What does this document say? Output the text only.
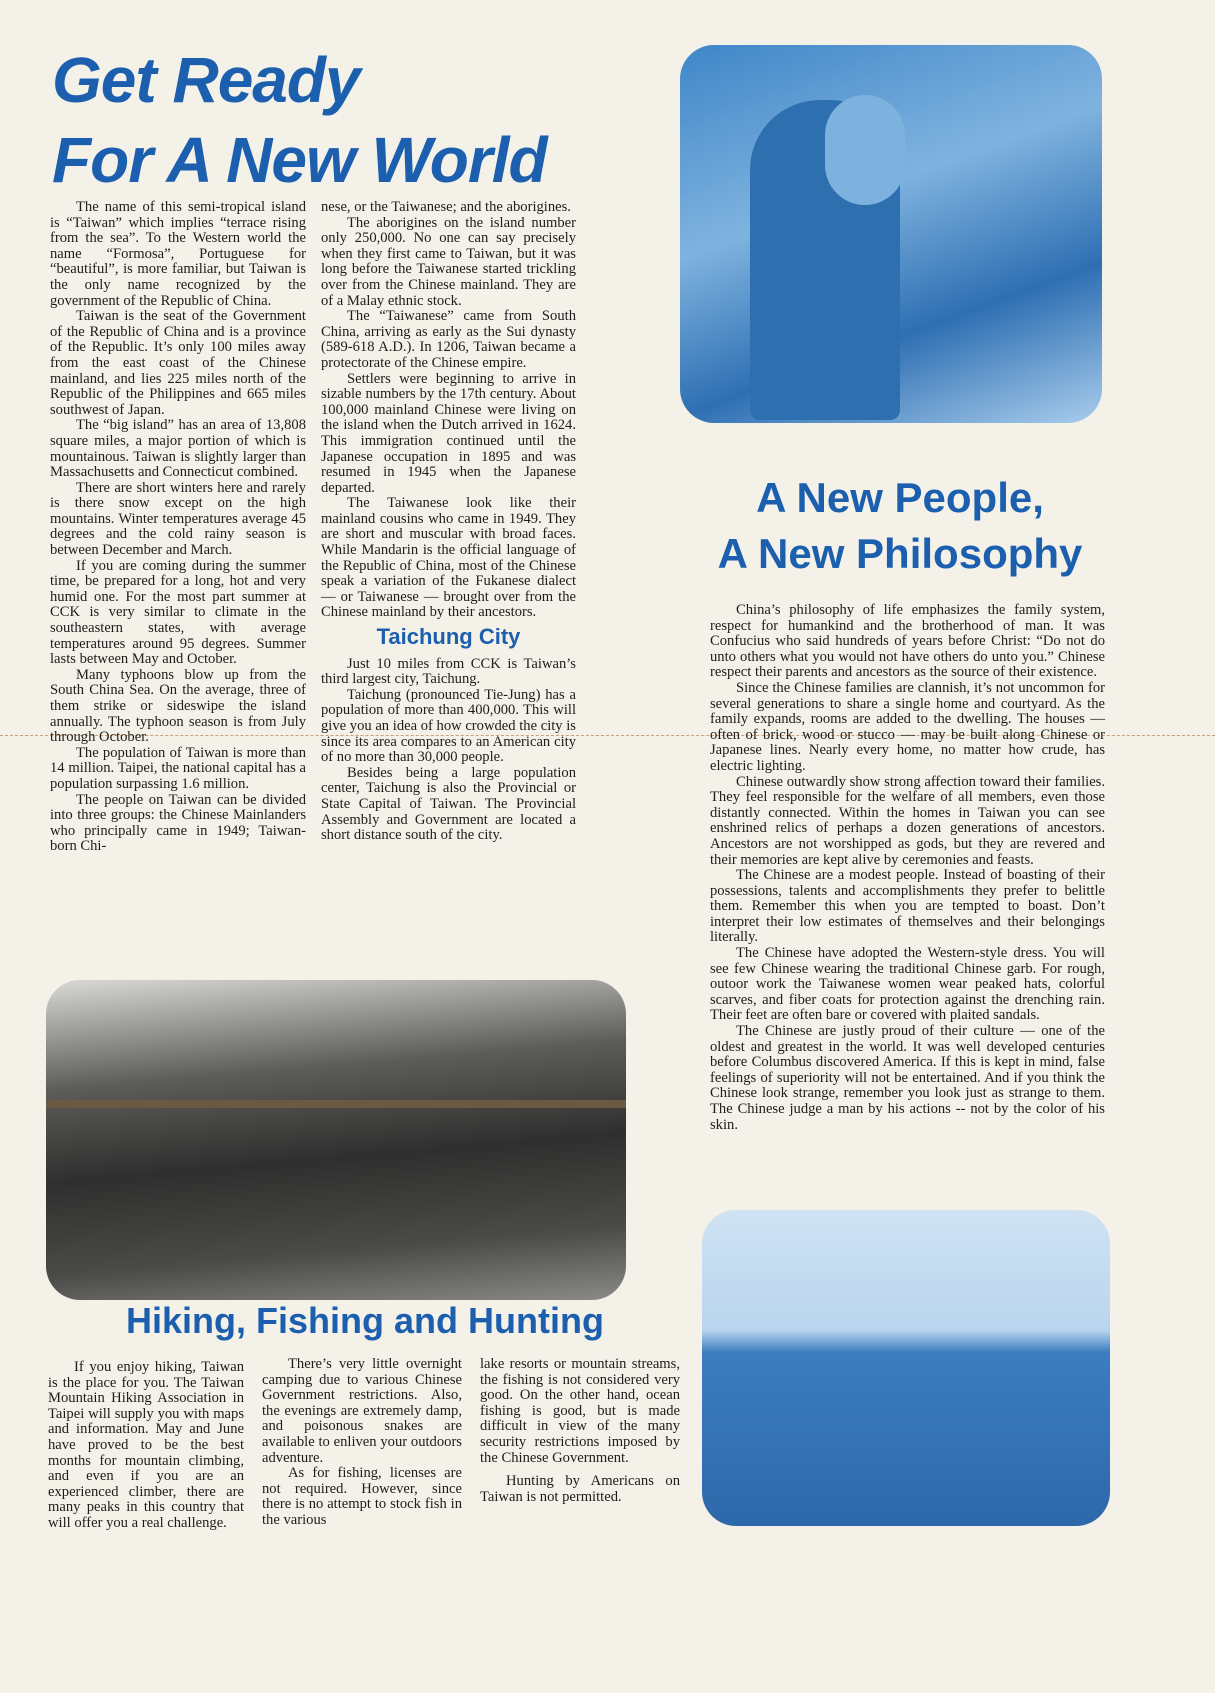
Get Ready
For A New World

The name of this semi-tropical island is “Taiwan” which implies “terrace rising from the sea”. To the Western world the name “Formosa”, Portuguese for “beautiful”, is more familiar, but Taiwan is the only name recognized by the government of the Republic of China.

Taiwan is the seat of the Government of the Republic of China and is a province of the Republic. It’s only 100 miles away from the east coast of the Chinese mainland, and lies 225 miles north of the Republic of the Philippines and 665 miles southwest of Japan.

The “big island” has an area of 13,808 square miles, a major portion of which is mountainous. Taiwan is slightly larger than Massachusetts and Connecticut combined.

There are short winters here and rarely is there snow except on the high mountains. Winter temperatures average 45 degrees and the cold rainy season is between December and March.

If you are coming during the summer time, be prepared for a long, hot and very humid one. For the most part summer at CCK is very similar to climate in the southeastern states, with average temperatures around 95 degrees. Summer lasts between May and October.

Many typhoons blow up from the South China Sea. On the average, three of them strike or sideswipe the island annually. The typhoon season is from July through October.

The population of Taiwan is more than 14 million. Taipei, the national capital has a population surpassing 1.6 million.

The people on Taiwan can be divided into three groups: the Chinese Mainlanders who principally came in 1949; Taiwan-born Chi-

nese, or the Taiwanese; and the aborigines.

The aborigines on the island number only 250,000. No one can say precisely when they first came to Taiwan, but it was long before the Taiwanese started trickling over from the Chinese mainland. They are of a Malay ethnic stock.

The “Taiwanese” came from South China, arriving as early as the Sui dynasty (589-618 A.D.). In 1206, Taiwan became a protectorate of the Chinese empire.

Settlers were beginning to arrive in sizable numbers by the 17th century. About 100,000 mainland Chinese were living on the island when the Dutch arrived in 1624. This immigration continued until the Japanese occupation in 1895 and was resumed in 1945 when the Japanese departed.

The Taiwanese look like their mainland cousins who came in 1949. They are short and muscular with broad faces. While Mandarin is the official language of the Republic of China, most of the Chinese speak a variation of the Fukanese dialect — or Taiwanese — brought over from the Chinese mainland by their ancestors.

Taichung City

Just 10 miles from CCK is Taiwan’s third largest city, Taichung.

Taichung (pronounced Tie-Jung) has a population of more than 400,000. This will give you an idea of how crowded the city is since its area compares to an American city of no more than 30,000 people.

Besides being a large population center, Taichung is also the Provincial or State Capital of Taiwan. The Provincial Assembly and Government are located a short distance south of the city.

A New People,
A New Philosophy

China’s philosophy of life emphasizes the family system, respect for humankind and the brotherhood of man. It was Confucius who said hundreds of years before Christ: “Do not do unto others what you would not have others do unto you.” Chinese respect their parents and ancestors as the source of their existence.

Since the Chinese families are clannish, it’s not uncommon for several generations to share a single home and courtyard. As the family expands, rooms are added to the dwelling. The houses — often of brick, wood or stucco — may be built along Chinese or Japanese lines. Nearly every home, no matter how crude, has electric lighting.

Chinese outwardly show strong affection toward their families. They feel responsible for the welfare of all members, even those distantly connected. Within the homes in Taiwan you can see enshrined relics of perhaps a dozen generations of ancestors. Ancestors are not worshipped as gods, but they are revered and their memories are kept alive by ceremonies and feasts.

The Chinese are a modest people. Instead of boasting of their possessions, talents and accomplishments they prefer to belittle them. Remember this when you are tempted to boast. Don’t interpret their low estimates of themselves and their belongings literally.

The Chinese have adopted the Western-style dress. You will see few Chinese wearing the traditional Chinese garb. For rough, outoor work the Taiwanese women wear peaked hats, colorful scarves, and fiber coats for protection against the drenching rain. Their feet are often bare or covered with plaited sandals.

The Chinese are justly proud of their culture — one of the oldest and greatest in the world. It was well developed centuries before Columbus discovered America. If this is kept in mind, false feelings of superiority will not be entertained. And if you think the Chinese look strange, remember you look just as strange to them. The Chinese judge a man by his actions -- not by the color of his skin.

Hiking, Fishing and Hunting

If you enjoy hiking, Taiwan is the place for you. The Taiwan Mountain Hiking Association in Taipei will supply you with maps and information. May and June have proved to be the best months for mountain climbing, and even if you are an experienced climber, there are many peaks in this country that will offer you a real challenge.

There’s very little overnight camping due to various Chinese Government restrictions. Also, the evenings are extremely damp, and poisonous snakes are available to enliven your outdoors adventure.

As for fishing, licenses are not required. However, since there is no attempt to stock fish in the various

lake resorts or mountain streams, the fishing is not considered very good. On the other hand, ocean fishing is good, but is made difficult in view of the many security restrictions imposed by the Chinese Government.

Hunting by Americans on Taiwan is not permitted.
